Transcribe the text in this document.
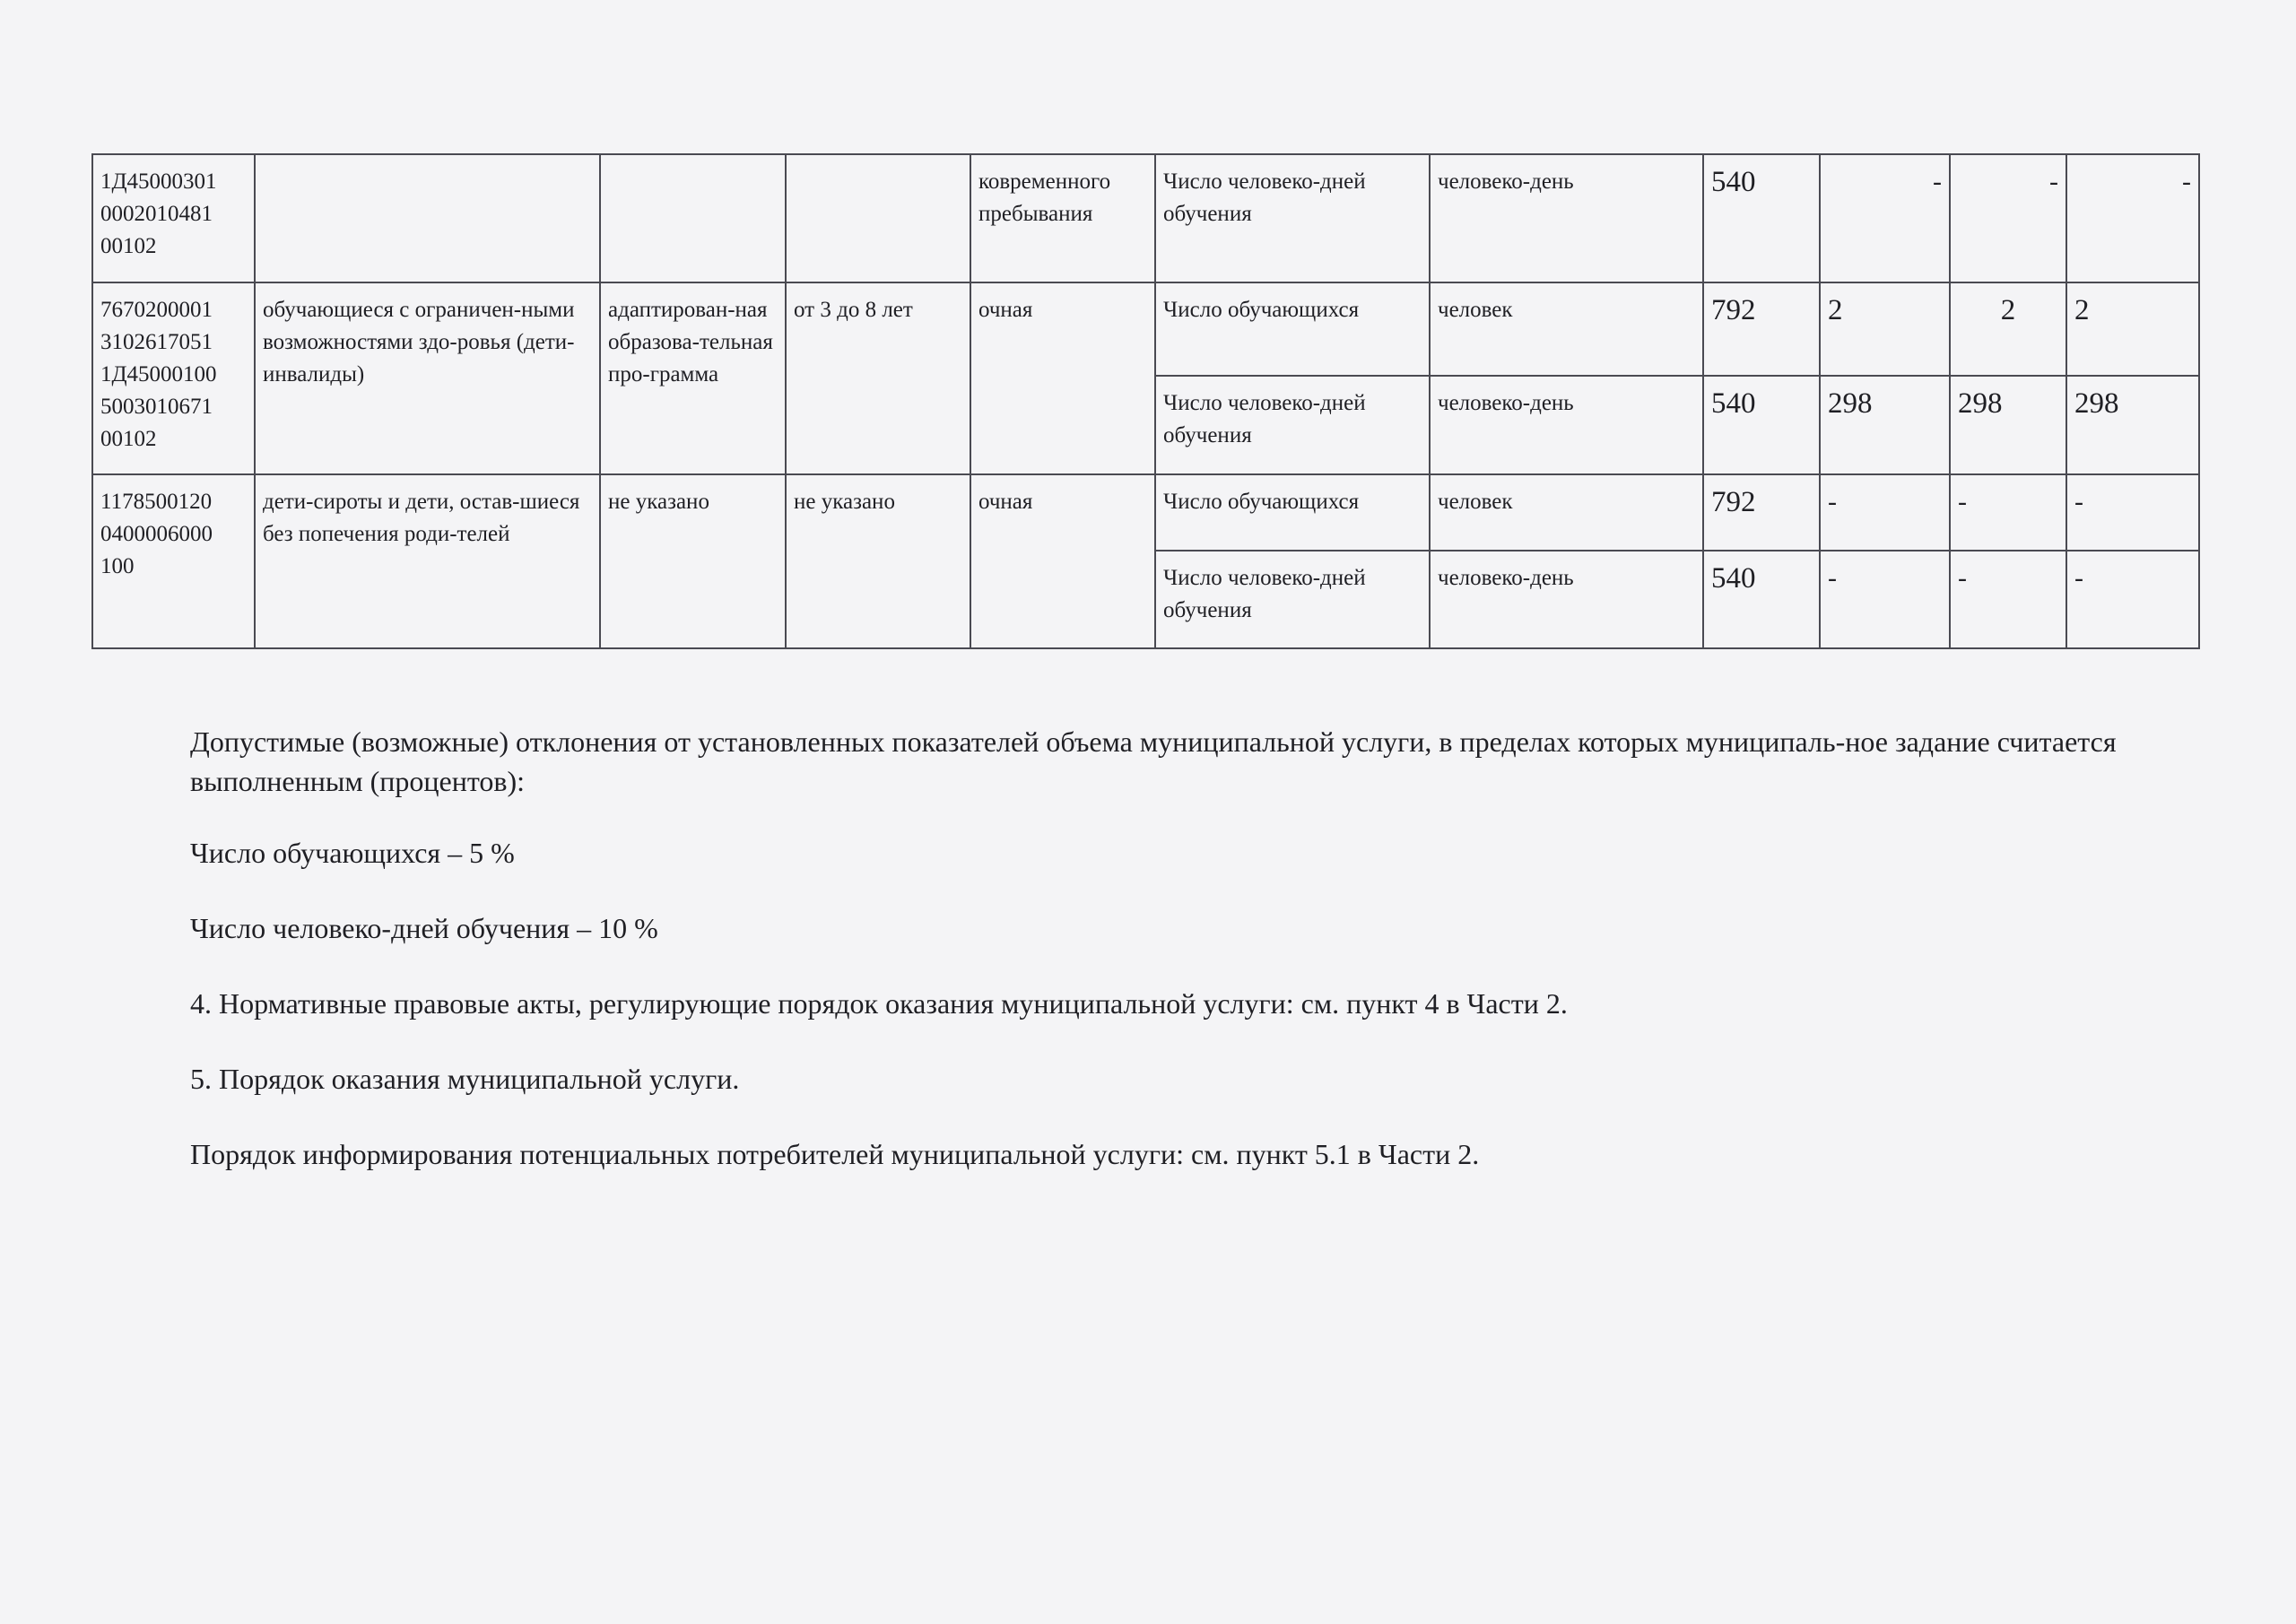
1Д45000301 0002010481 00102				ковременного пребывания	Число человеко-дней обучения	человеко-день	540	-	-	-
7670200001 3102617051 1Д45000100 5003010671 00102	обучающиеся с ограничен-ными возможностями здо-ровья (дети-инвалиды)	адаптирован-ная образова-тельная про-грамма	от 3 до 8 лет	очная	Число обучающихся	человек	792	2	2	2
					Число человеко-дней обучения	человеко-день	540	298	298	298
1178500120 0400006000 100	дети-сироты и дети, остав-шиеся без попечения роди-телей	не указано	не указано	очная	Число обучающихся	человек	792	-	-	-
					Число человеко-дней обучения	человеко-день	540	-	-	-

Допустимые (возможные) отклонения от установленных показателей объема муниципальной услуги, в пределах которых муниципаль-ное задание считается выполненным (процентов):

Число обучающихся – 5 %

Число человеко-дней обучения – 10 %

4. Нормативные правовые акты, регулирующие порядок оказания муниципальной услуги: см. пункт 4 в Части 2.

5. Порядок оказания муниципальной услуги.

Порядок информирования потенциальных потребителей муниципальной услуги: см. пункт 5.1 в Части 2.
